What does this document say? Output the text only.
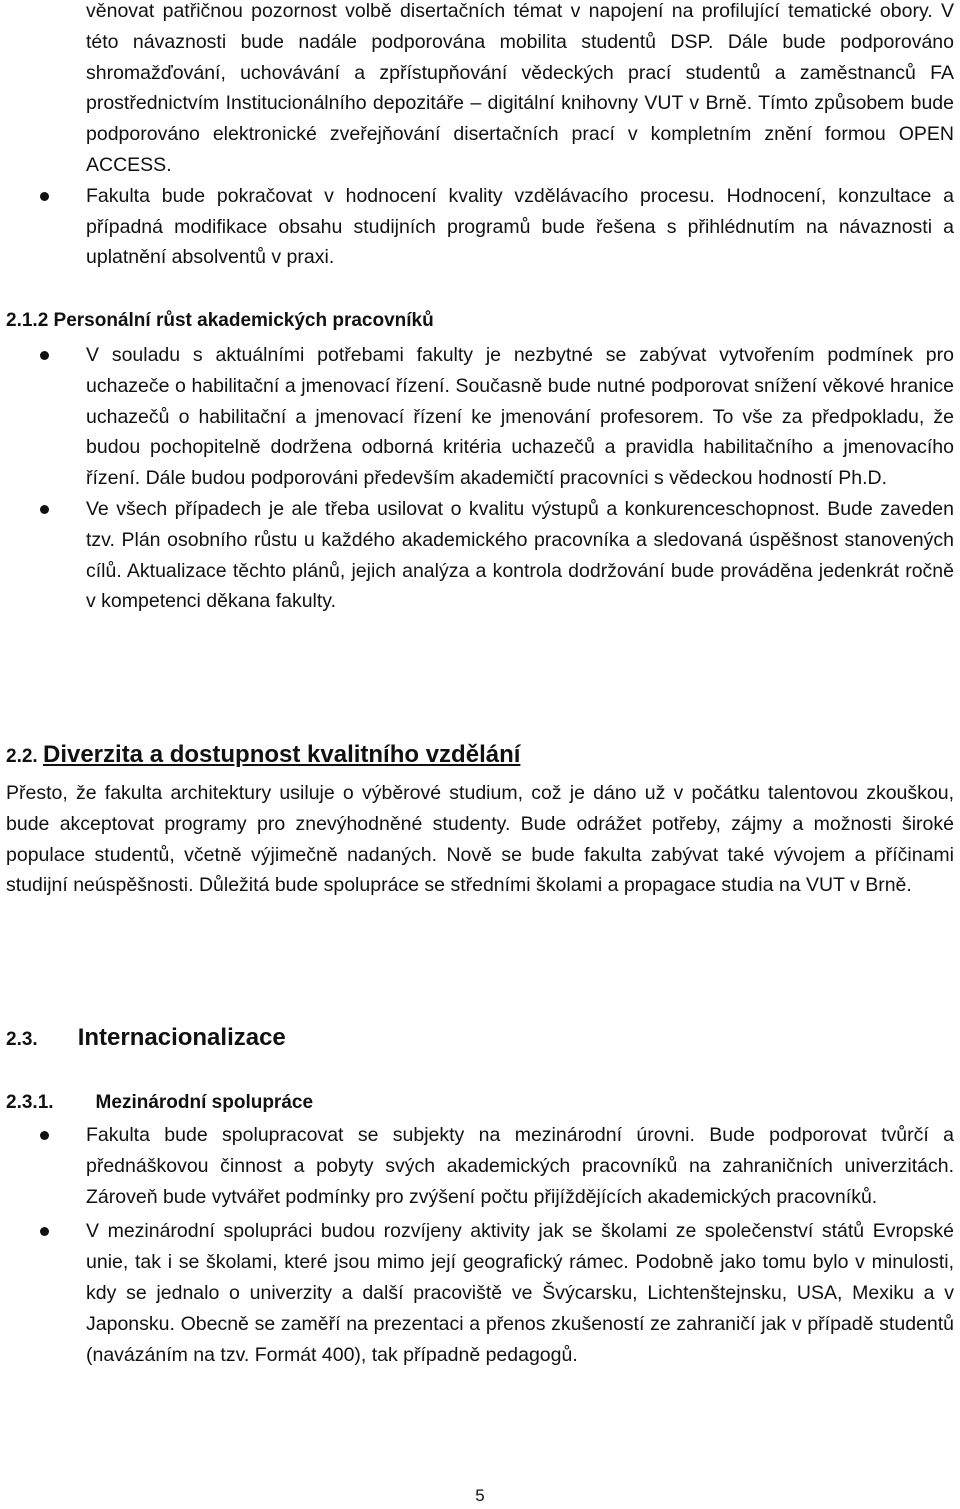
věnovat patřičnou pozornost volbě disertačních témat v napojení na profilující tematické obory. V této návaznosti bude nadále podporována mobilita studentů DSP. Dále bude podporováno shromažďování, uchovávání a zpřístupňování vědeckých prací studentů a zaměstnanců FA prostřednictvím Institucionálního depozitáře – digitální knihovny VUT v Brně. Tímto způsobem bude podporováno elektronické zveřejňování disertačních prací v kompletním znění formou OPEN ACCESS.
Fakulta bude pokračovat v hodnocení kvality vzdělávacího procesu. Hodnocení, konzultace a případná modifikace obsahu studijních programů bude řešena s přihlédnutím na návaznosti a uplatnění absolventů v praxi.
2.1.2 Personální růst akademických pracovníků
V souladu s aktuálními potřebami fakulty je nezbytné se zabývat vytvořením podmínek pro uchazeče o habilitační a jmenovací řízení. Současně bude nutné podporovat snížení věkové hranice uchazečů o habilitační a jmenovací řízení ke jmenování profesorem. To vše za předpokladu, že budou pochopitelně dodržena odborná kritéria uchazečů a pravidla habilitačního a jmenovacího řízení. Dále budou podporováni především akademičtí pracovníci s vědeckou hodností Ph.D.
Ve všech případech je ale třeba usilovat o kvalitu výstupů a konkurenceschopnost. Bude zaveden tzv. Plán osobního růstu u každého akademického pracovníka a sledovaná úspěšnost stanovených cílů. Aktualizace těchto plánů, jejich analýza a kontrola dodržování bude prováděna jedenkrát ročně v kompetenci děkana fakulty.
2.2. Diverzita a dostupnost kvalitního vzdělání

Přesto, že fakulta architektury usiluje o výběrové studium, což je dáno už v počátku talentovou zkouškou, bude akceptovat programy pro znevýhodněné studenty. Bude odrážet potřeby, zájmy a možnosti široké populace studentů, včetně výjimečně nadaných. Nově se bude fakulta zabývat také vývojem a příčinami studijní neúspěšnosti. Důležitá bude spolupráce se středními školami a propagace studia na VUT v Brně.

2.3. Internacionalizace
2.3.1. Mezinárodní spolupráce
Fakulta bude spolupracovat se subjekty na mezinárodní úrovni. Bude podporovat tvůrčí a přednáškovou činnost a pobyty svých akademických pracovníků na zahraničních univerzitách. Zároveň bude vytvářet podmínky pro zvýšení počtu přijíždějících akademických pracovníků.
V mezinárodní spolupráci budou rozvíjeny aktivity jak se školami ze společenství států Evropské unie, tak i se školami, které jsou mimo její geografický rámec. Podobně jako tomu bylo v minulosti, kdy se jednalo o univerzity a další pracoviště ve Švýcarsku, Lichtenštejnsku, USA, Mexiku a v Japonsku. Obecně se zaměří na prezentaci a přenos zkušeností ze zahraničí jak v případě studentů (navázáním na tzv. Formát 400), tak případně pedagogů.
5
